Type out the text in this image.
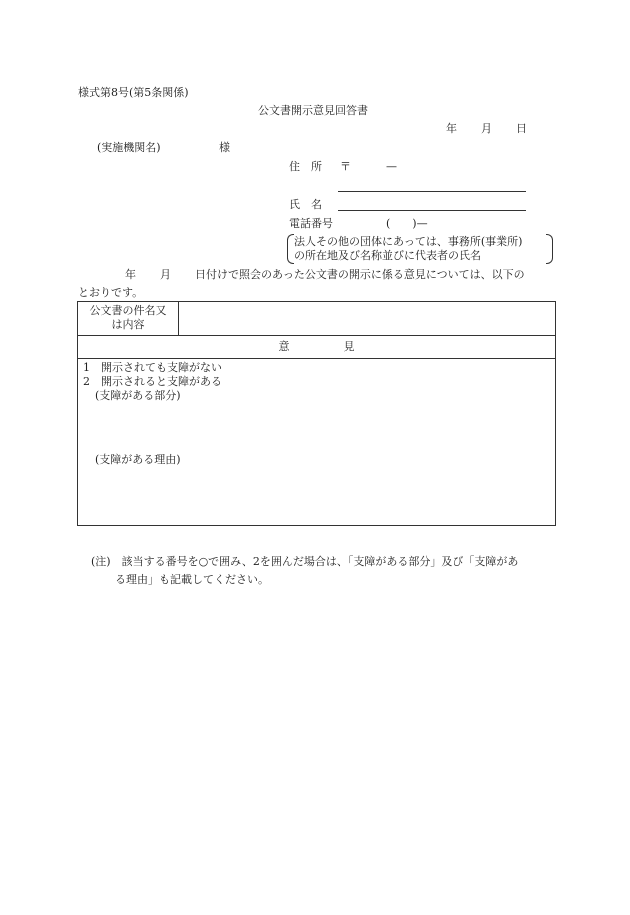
様式第8号(第5条関係)
公文書開示意見回答書
年 月 日
(実施機関名)	様
住　所 〒	—
氏　名
電話番号	(　　)—
法人その他の団体にあっては、事務所(事業所)
の所在地及び名称並びに代表者の氏名
年 月 日付けで照会のあった公文書の開示に係る意見については、以下の
とおりです。
公文書の件名又
は内容

意	見

1　開示されても支障がない
2　開示されると支障がある
(支障がある部分)
(支障がある理由)
(注)　該当する番号を○で囲み、2を囲んだ場合は、「支障がある部分」及び「支障があ
る理由」も記載してください。
